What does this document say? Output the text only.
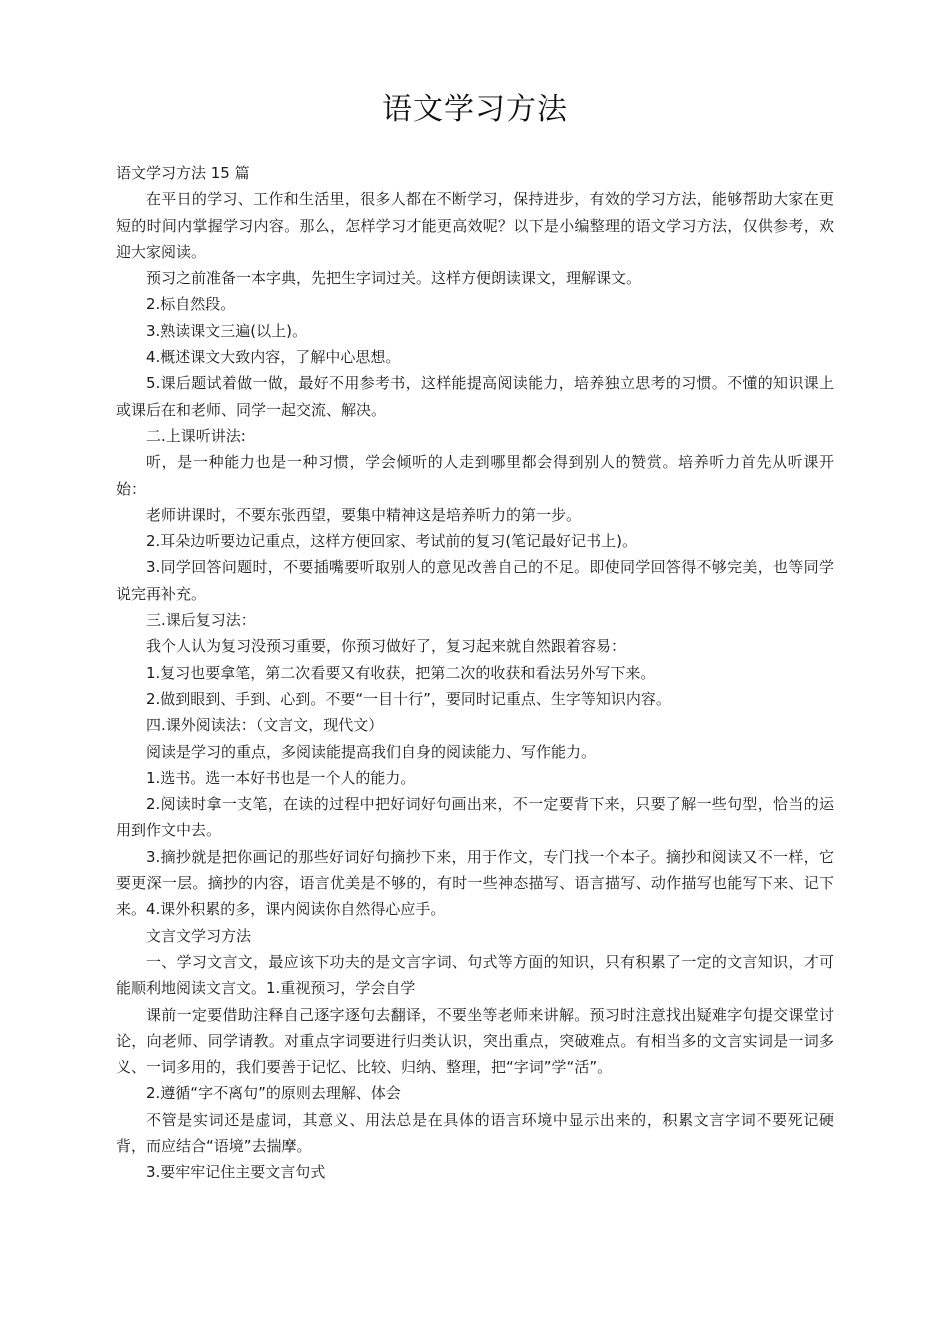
语文学习方法

语文学习方法 15 篇

在平日的学习、工作和生活里，很多人都在不断学习，保持进步，有效的学习方法，能够帮助大家在更短的时间内掌握学习内容。那么，怎样学习才能更高效呢？以下是小编整理的语文学习方法，仅供参考，欢迎大家阅读。

预习之前准备一本字典，先把生字词过关。这样方便朗读课文，理解课文。

2.标自然段。

3.熟读课文三遍(以上)。

4.概述课文大致内容，了解中心思想。

5.课后题试着做一做，最好不用参考书，这样能提高阅读能力，培养独立思考的习惯。不懂的知识课上或课后在和老师、同学一起交流、解决。

二.上课听讲法:

听，是一种能力也是一种习惯，学会倾听的人走到哪里都会得到别人的赞赏。培养听力首先从听课开始：

老师讲课时，不要东张西望，要集中精神这是培养听力的第一步。

2.耳朵边听要边记重点，这样方便回家、考试前的复习(笔记最好记书上)。

3.同学回答问题时，不要插嘴要听取别人的意见改善自己的不足。即使同学回答得不够完美，也等同学说完再补充。

三.课后复习法：

我个人认为复习没预习重要，你预习做好了，复习起来就自然跟着容易：

1.复习也要拿笔，第二次看要又有收获，把第二次的收获和看法另外写下来。

2.做到眼到、手到、心到。不要“一目十行”，要同时记重点、生字等知识内容。

四.课外阅读法：（文言文，现代文）

阅读是学习的重点，多阅读能提高我们自身的阅读能力、写作能力。

1.选书。选一本好书也是一个人的能力。

2.阅读时拿一支笔，在读的过程中把好词好句画出来，不一定要背下来，只要了解一些句型，恰当的运用到作文中去。

3.摘抄就是把你画记的那些好词好句摘抄下来，用于作文，专门找一个本子。摘抄和阅读又不一样，它要更深一层。摘抄的内容，语言优美是不够的，有时一些神态描写、语言描写、动作描写也能写下来、记下来。4.课外积累的多，课内阅读你自然得心应手。

文言文学习方法

一、学习文言文，最应该下功夫的是文言字词、句式等方面的知识，只有积累了一定的文言知识，才可能顺利地阅读文言文。1.重视预习，学会自学

课前一定要借助注释自己逐字逐句去翻译，不要坐等老师来讲解。预习时注意找出疑难字句提交课堂讨论，向老师、同学请教。对重点字词要进行归类认识，突出重点，突破难点。有相当多的文言实词是一词多义、一词多用的，我们要善于记忆、比较、归纳、整理，把“字词”学“活”。

2.遵循“字不离句”的原则去理解、体会

不管是实词还是虚词，其意义、用法总是在具体的语言环境中显示出来的，积累文言字词不要死记硬背，而应结合“语境”去揣摩。

3.要牢牢记住主要文言句式
